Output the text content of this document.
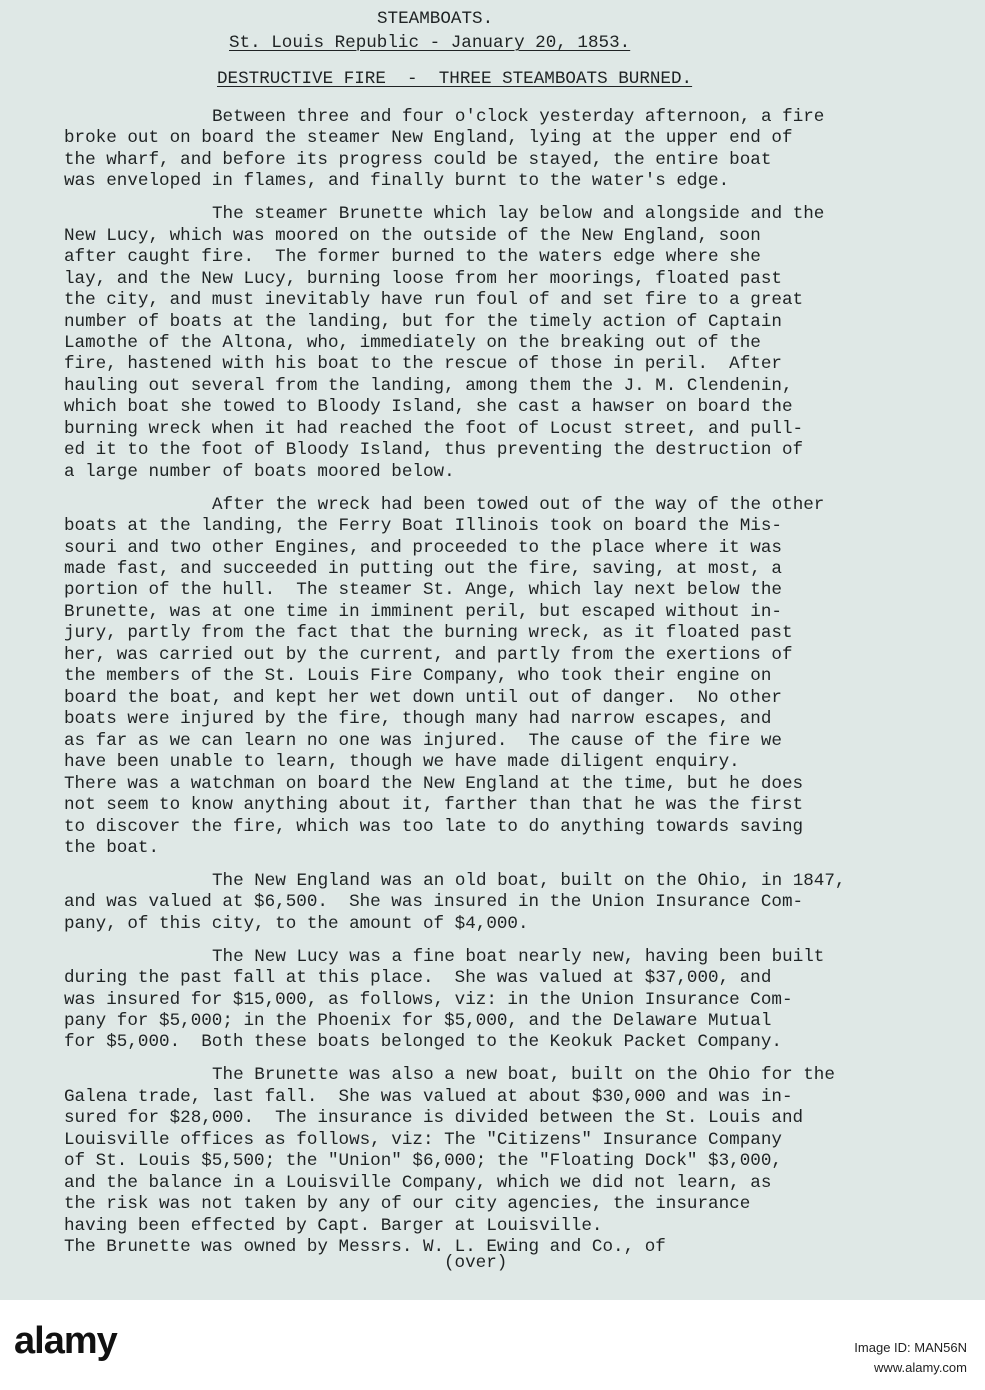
STEAMBOATS.
St. Louis Republic - January 20, 1853.
DESTRUCTIVE FIRE  -  THREE STEAMBOATS BURNED.
(over)
Between three and four o'clock yesterday afternoon, a fire
broke out on board the steamer New England, lying at the upper end of
the wharf, and before its progress could be stayed, the entire boat
was enveloped in flames, and finally burnt to the water's edge.
The steamer Brunette which lay below and alongside and the
New Lucy, which was moored on the outside of the New England, soon
after caught fire.  The former burned to the waters edge where she
lay, and the New Lucy, burning loose from her moorings, floated past
the city, and must inevitably have run foul of and set fire to a great
number of boats at the landing, but for the timely action of Captain
Lamothe of the Altona, who, immediately on the breaking out of the
fire, hastened with his boat to the rescue of those in peril.  After
hauling out several from the landing, among them the J. M. Clendenin,
which boat she towed to Bloody Island, she cast a hawser on board the
burning wreck when it had reached the foot of Locust street, and pull-
ed it to the foot of Bloody Island, thus preventing the destruction of
a large number of boats moored below.
After the wreck had been towed out of the way of the other
boats at the landing, the Ferry Boat Illinois took on board the Mis-
souri and two other Engines, and proceeded to the place where it was
made fast, and succeeded in putting out the fire, saving, at most, a
portion of the hull.  The steamer St. Ange, which lay next below the
Brunette, was at one time in imminent peril, but escaped without in-
jury, partly from the fact that the burning wreck, as it floated past
her, was carried out by the current, and partly from the exertions of
the members of the St. Louis Fire Company, who took their engine on
board the boat, and kept her wet down until out of danger.  No other
boats were injured by the fire, though many had narrow escapes, and
as far as we can learn no one was injured.  The cause of the fire we
have been unable to learn, though we have made diligent enquiry.
There was a watchman on board the New England at the time, but he does
not seem to know anything about it, farther than that he was the first
to discover the fire, which was too late to do anything towards saving
the boat.
The New England was an old boat, built on the Ohio, in 1847,
and was valued at $6,500.  She was insured in the Union Insurance Com-
pany, of this city, to the amount of $4,000.
The New Lucy was a fine boat nearly new, having been built
during the past fall at this place.  She was valued at $37,000, and
was insured for $15,000, as follows, viz: in the Union Insurance Com-
pany for $5,000; in the Phoenix for $5,000, and the Delaware Mutual
for $5,000.  Both these boats belonged to the Keokuk Packet Company.
The Brunette was also a new boat, built on the Ohio for the
Galena trade, last fall.  She was valued at about $30,000 and was in-
sured for $28,000.  The insurance is divided between the St. Louis and
Louisville offices as follows, viz: The "Citizens" Insurance Company
of St. Louis $5,500; the "Union" $6,000; the "Floating Dock" $3,000,
and the balance in a Louisville Company, which we did not learn, as
the risk was not taken by any of our city agencies, the insurance
having been effected by Capt. Barger at Louisville.
The Brunette was owned by Messrs. W. L. Ewing and Co., of
alamy	Image ID: MAN56N
www.alamy.com
